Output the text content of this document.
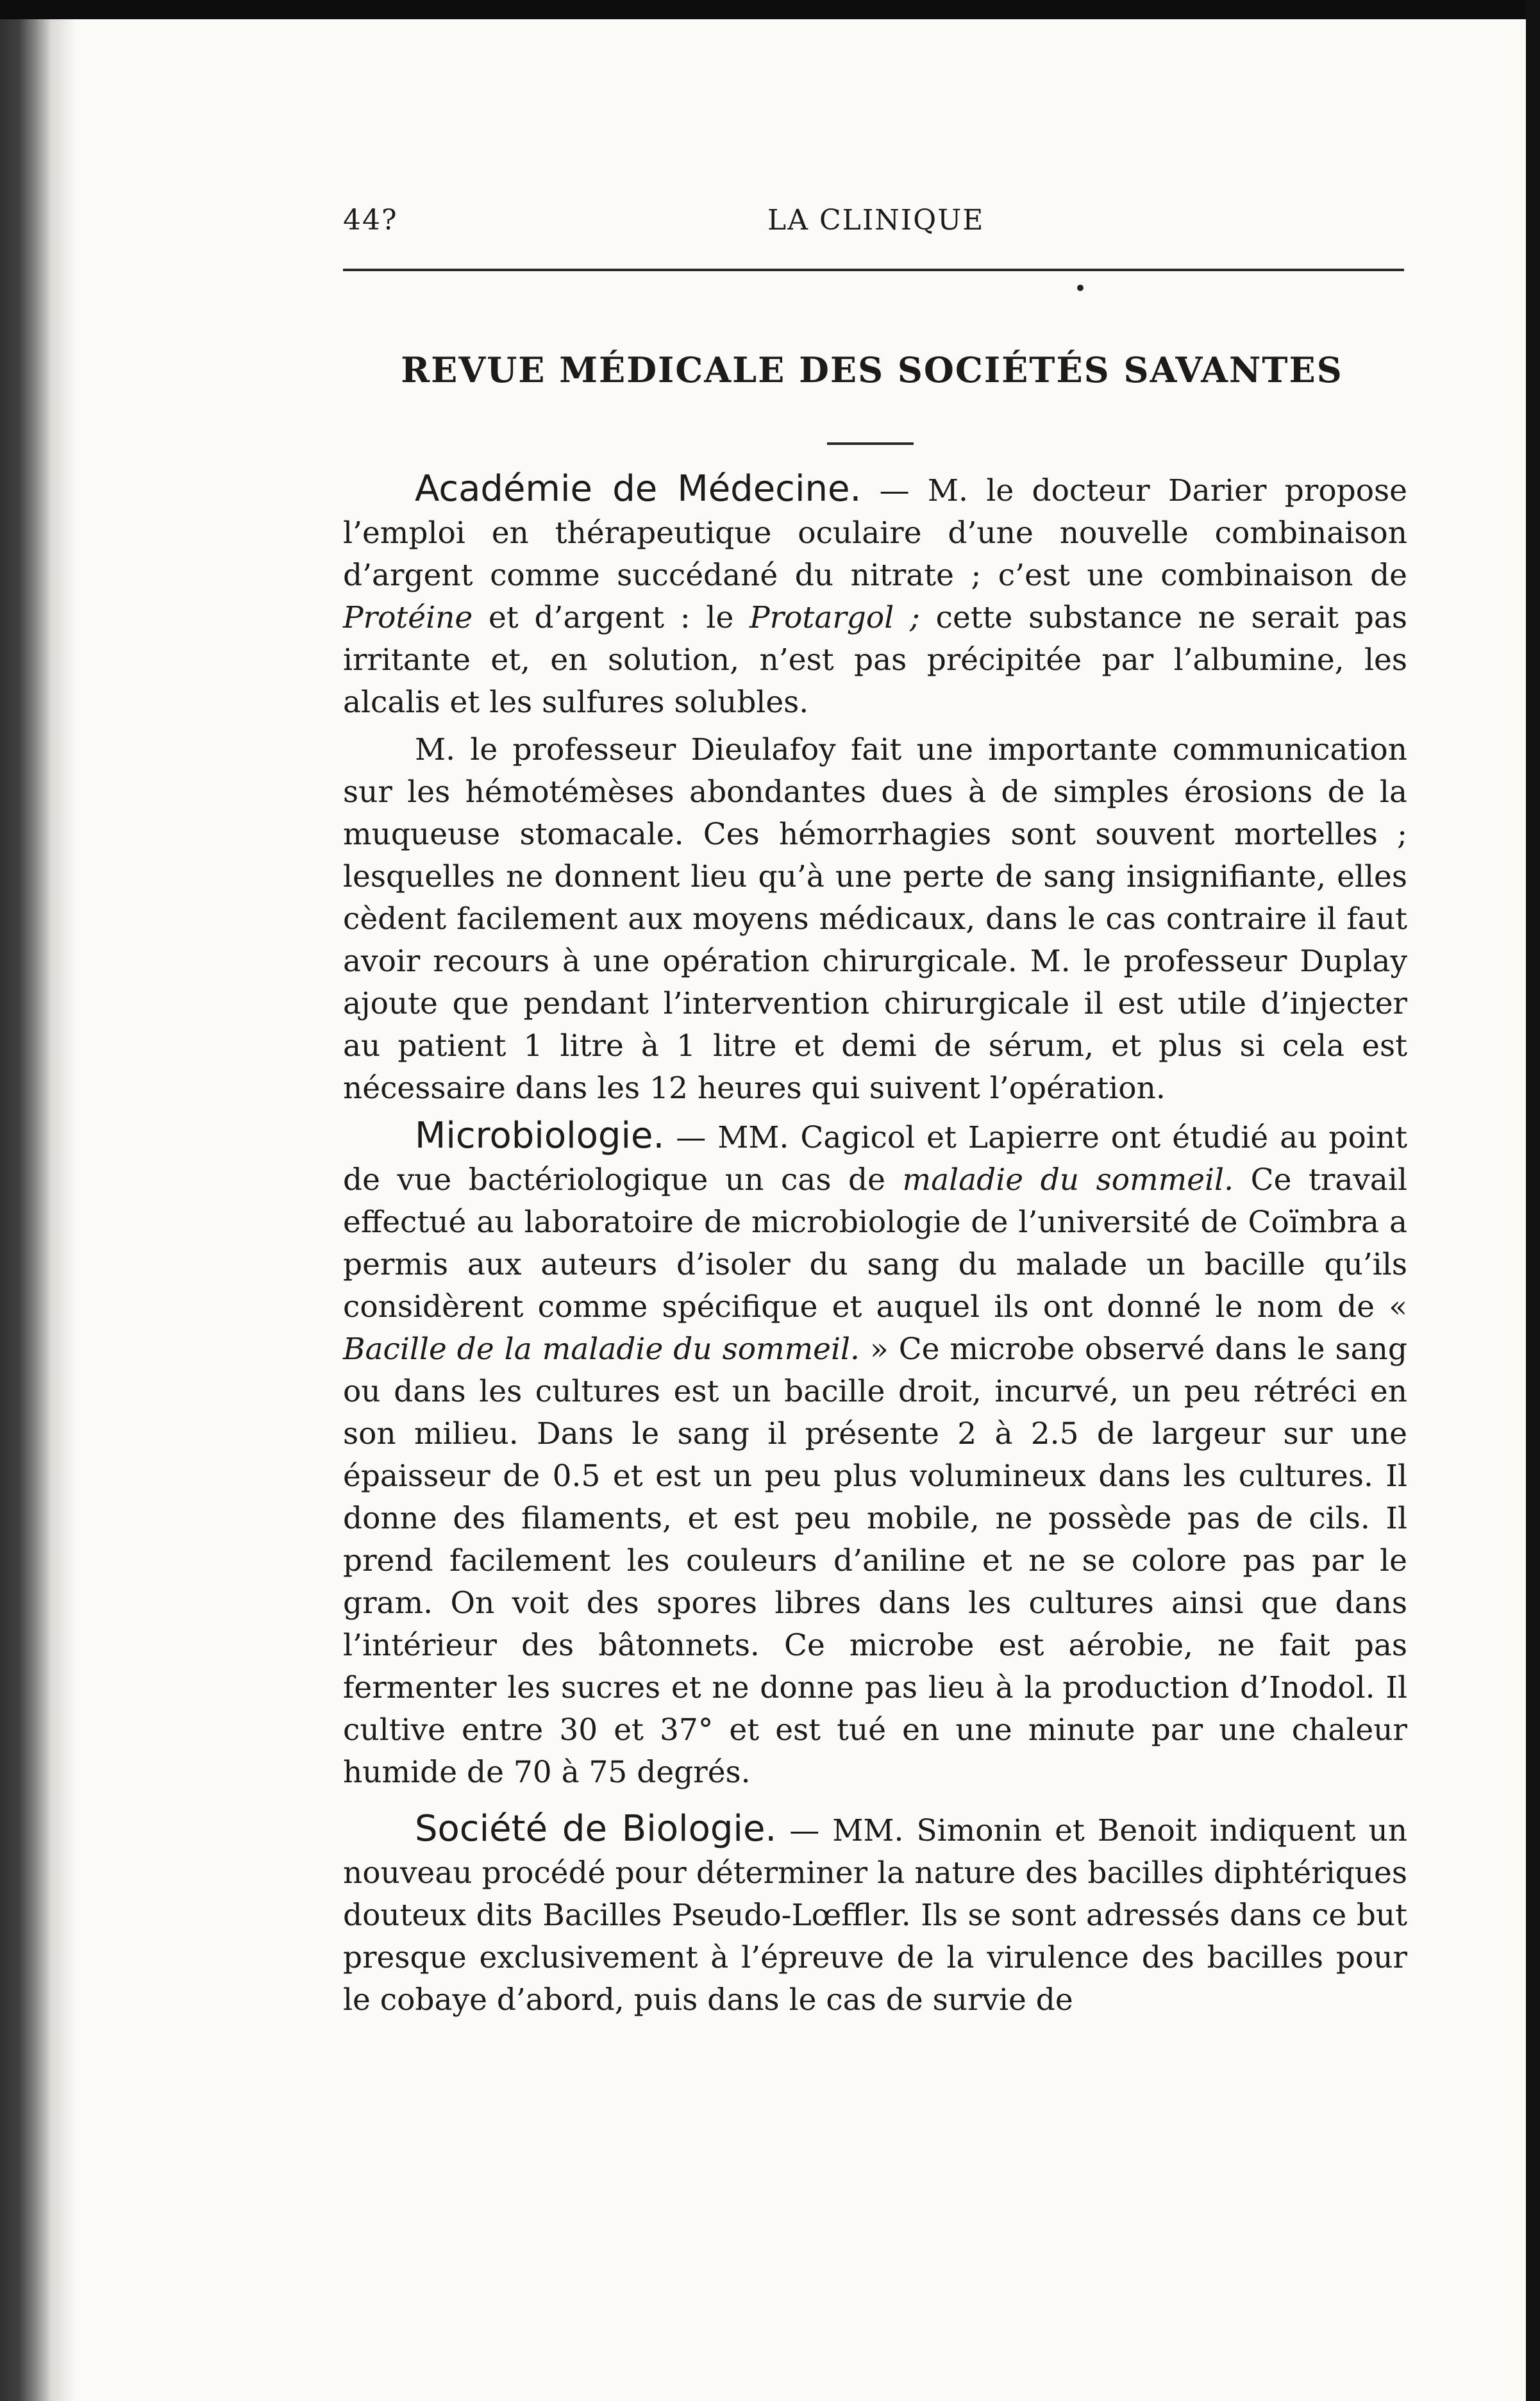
44?	LA CLINIQUE
REVUE MÉDICALE DES SOCIÉTÉS SAVANTES

Académie de Médecine. — M. le docteur Darier propose l’emploi en thérapeutique oculaire d’une nouvelle combinaison d’argent comme succédané du nitrate ; c’est une combinaison de Protéine et d’argent : le Protargol ; cette substance ne serait pas irritante et, en solution, n’est pas précipitée par l’albumine, les alcalis et les sulfures solubles.

M. le professeur Dieulafoy fait une importante communication sur les hémotémèses abondantes dues à de simples érosions de la muqueuse stomacale. Ces hémorrhagies sont souvent mortelles ; lesquelles ne donnent lieu qu’à une perte de sang insignifiante, elles cèdent facilement aux moyens médicaux, dans le cas contraire il faut avoir recours à une opération chirurgicale. M. le professeur Duplay ajoute que pendant l’intervention chirurgicale il est utile d’injecter au patient 1 litre à 1 litre et demi de sérum, et plus si cela est nécessaire dans les 12 heures qui suivent l’opération.

Microbiologie. — MM. Cagicol et Lapierre ont étudié au point de vue bactériologique un cas de maladie du sommeil. Ce travail effectué au laboratoire de microbiologie de l’université de Coïmbra a permis aux auteurs d’isoler du sang du malade un bacille qu’ils considèrent comme spécifique et auquel ils ont donné le nom de « Bacille de la maladie du sommeil. » Ce microbe observé dans le sang ou dans les cultures est un bacille droit, incurvé, un peu rétréci en son milieu. Dans le sang il présente 2 à 2.5 de largeur sur une épaisseur de 0.5 et est un peu plus volumineux dans les cultures. Il donne des filaments, et est peu mobile, ne possède pas de cils. Il prend facilement les couleurs d’aniline et ne se colore pas par le gram. On voit des spores libres dans les cultures ainsi que dans l’intérieur des bâtonnets. Ce microbe est aérobie, ne fait pas fermenter les sucres et ne donne pas lieu à la production d’Inodol. Il cultive entre 30 et 37° et est tué en une minute par une chaleur humide de 70 à 75 degrés.

Société de Biologie. — MM. Simonin et Benoit indiquent un nouveau procédé pour déterminer la nature des bacilles diphtériques douteux dits Bacilles Pseudo-Lœffler. Ils se sont adressés dans ce but presque exclusivement à l’épreuve de la virulence des bacilles pour le cobaye d’abord, puis dans le cas de survie de
